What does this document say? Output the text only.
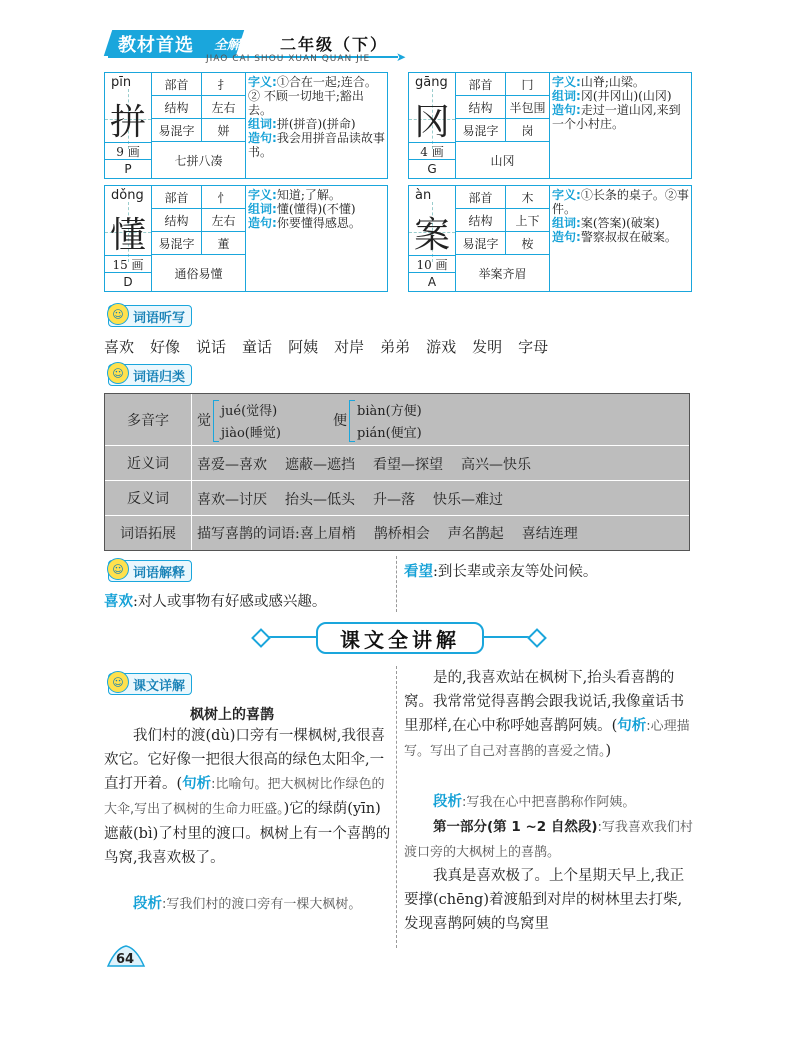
教材首选 全解 二年级（下）
JIAO CAI SHOU XUAN QUAN JIE ➤
pīn
拼
部首	扌
结构	左右
易混字	姘
9 画
P
七拼八凑
字义:①合在一起;连合。② 不顾一切地干;豁出去。
组词:拼(拼音)(拼命)
造句:我会用拼音品读故事书。
gāng
冈
部首	冂
结构	半包围
易混字	岗
4 画
G
山冈
字义:山脊;山梁。
组词:冈(井冈山)(山冈)
造句:走过一道山冈,来到一个小村庄。
dǒng
懂
部首	忄
结构	左右
易混字	董
15 画
D
通俗易懂
字义:知道;了解。
组词:懂(懂得)(不懂)
造句:你要懂得感恩。
àn
案
部首	木
结构	上下
易混字	桉
10 画
A
举案齐眉
字义:①长条的桌子。②事件。
组词:案(答案)(破案)
造句:警察叔叔在破案。
☺ 词语听写
喜欢 好像 说话 童话 阿姨 对岸 弟弟 游戏 发明 字母
☺ 词语归类
多音字	觉
jué(觉得)
jiào(睡觉)
便
biàn(方便)
pián(便宜)
近义词	喜爱—喜欢 遮蔽—遮挡 看望—探望 高兴—快乐
反义词	喜欢—讨厌 抬头—低头 升—落 快乐—难过
词语拓展	描写喜鹊的词语:喜上眉梢 鹊桥相会 声名鹊起 喜结连理
☺ 词语解释
喜欢:对人或事物有好感或感兴趣。
看望:到长辈或亲友等处问候。
课文全讲解
☺ 课文详解
枫树上的喜鹊
我们村的渡(dù)口旁有一棵枫树,我很喜欢它。它好像一把很大很高的绿色太阳伞,一直打开着。(句析:比喻句。把大枫树比作绿色的大伞,写出了枫树的生命力旺盛。)它的绿荫(yīn)遮蔽(bì)了村里的渡口。枫树上有一个喜鹊的鸟窝,我喜欢极了。
段析:写我们村的渡口旁有一棵大枫树。
是的,我喜欢站在枫树下,抬头看喜鹊的窝。我常常觉得喜鹊会跟我说话,我像童话书里那样,在心中称呼她喜鹊阿姨。(句析:心理描写。写出了自己对喜鹊的喜爱之情。)
段析:写我在心中把喜鹊称作阿姨。
第一部分(第 1 ~2 自然段):写我喜欢我们村渡口旁的大枫树上的喜鹊。
我真是喜欢极了。上个星期天早上,我正要撑(chēng)着渡船到对岸的树林里去打柴,发现喜鹊阿姨的鸟窝里
64
